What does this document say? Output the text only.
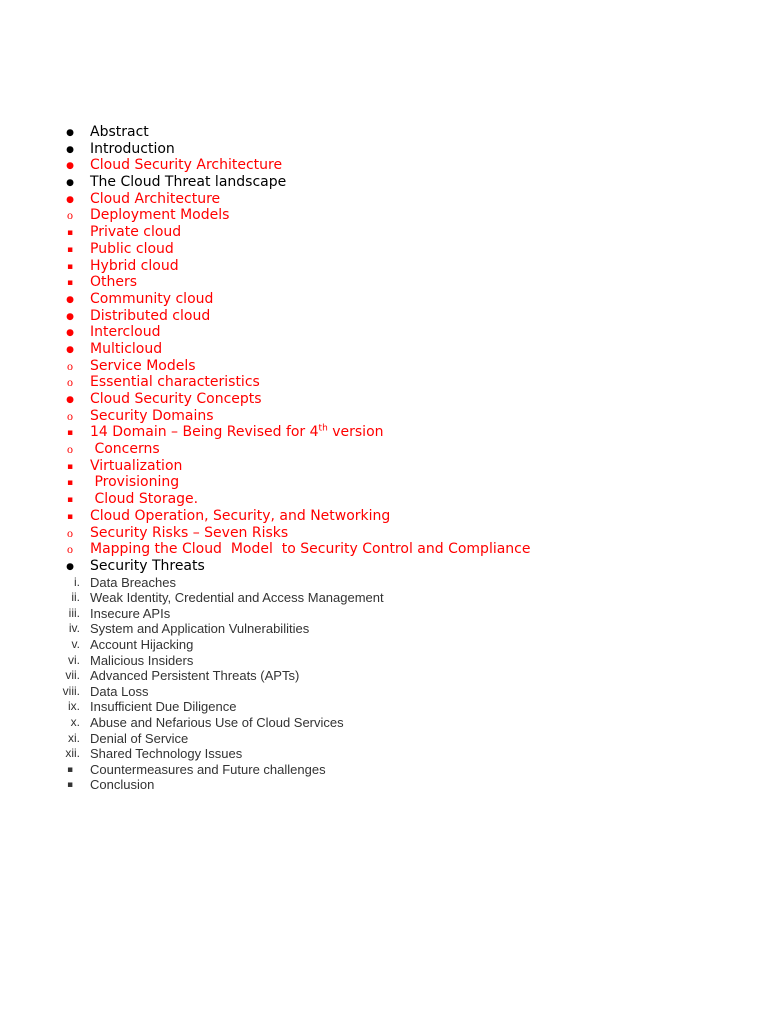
●
Abstract
●
Introduction
●
Cloud Security Architecture
●
The Cloud Threat landscape
●
Cloud Architecture
o
Deployment Models
▪
Private cloud
▪
Public cloud
▪
Hybrid cloud
▪
Others
●
Community cloud
●
Distributed cloud
●
Intercloud
●
Multicloud
o
Service Models
o
Essential characteristics
●
Cloud Security Concepts
o
Security Domains
▪
14 Domain – Being Revised for 4th version
o
Concerns
▪
Virtualization
▪
Provisioning
▪
Cloud Storage.
▪
Cloud Operation, Security, and Networking
o
Security Risks – Seven Risks
o
Mapping the Cloud  Model  to Security Control and Compliance
●
Security Threats
i. Data Breaches
ii. Weak Identity, Credential and Access Management
iii. Insecure APIs
iv. System and Application Vulnerabilities
v. Account Hijacking
vi. Malicious Insiders
vii. Advanced Persistent Threats (APTs)
viii. Data Loss
ix. Insufficient Due Diligence
x. Abuse and Nefarious Use of Cloud Services
xi. Denial of Service
xii. Shared Technology Issues
▪
Countermeasures and Future challenges
▪
Conclusion
